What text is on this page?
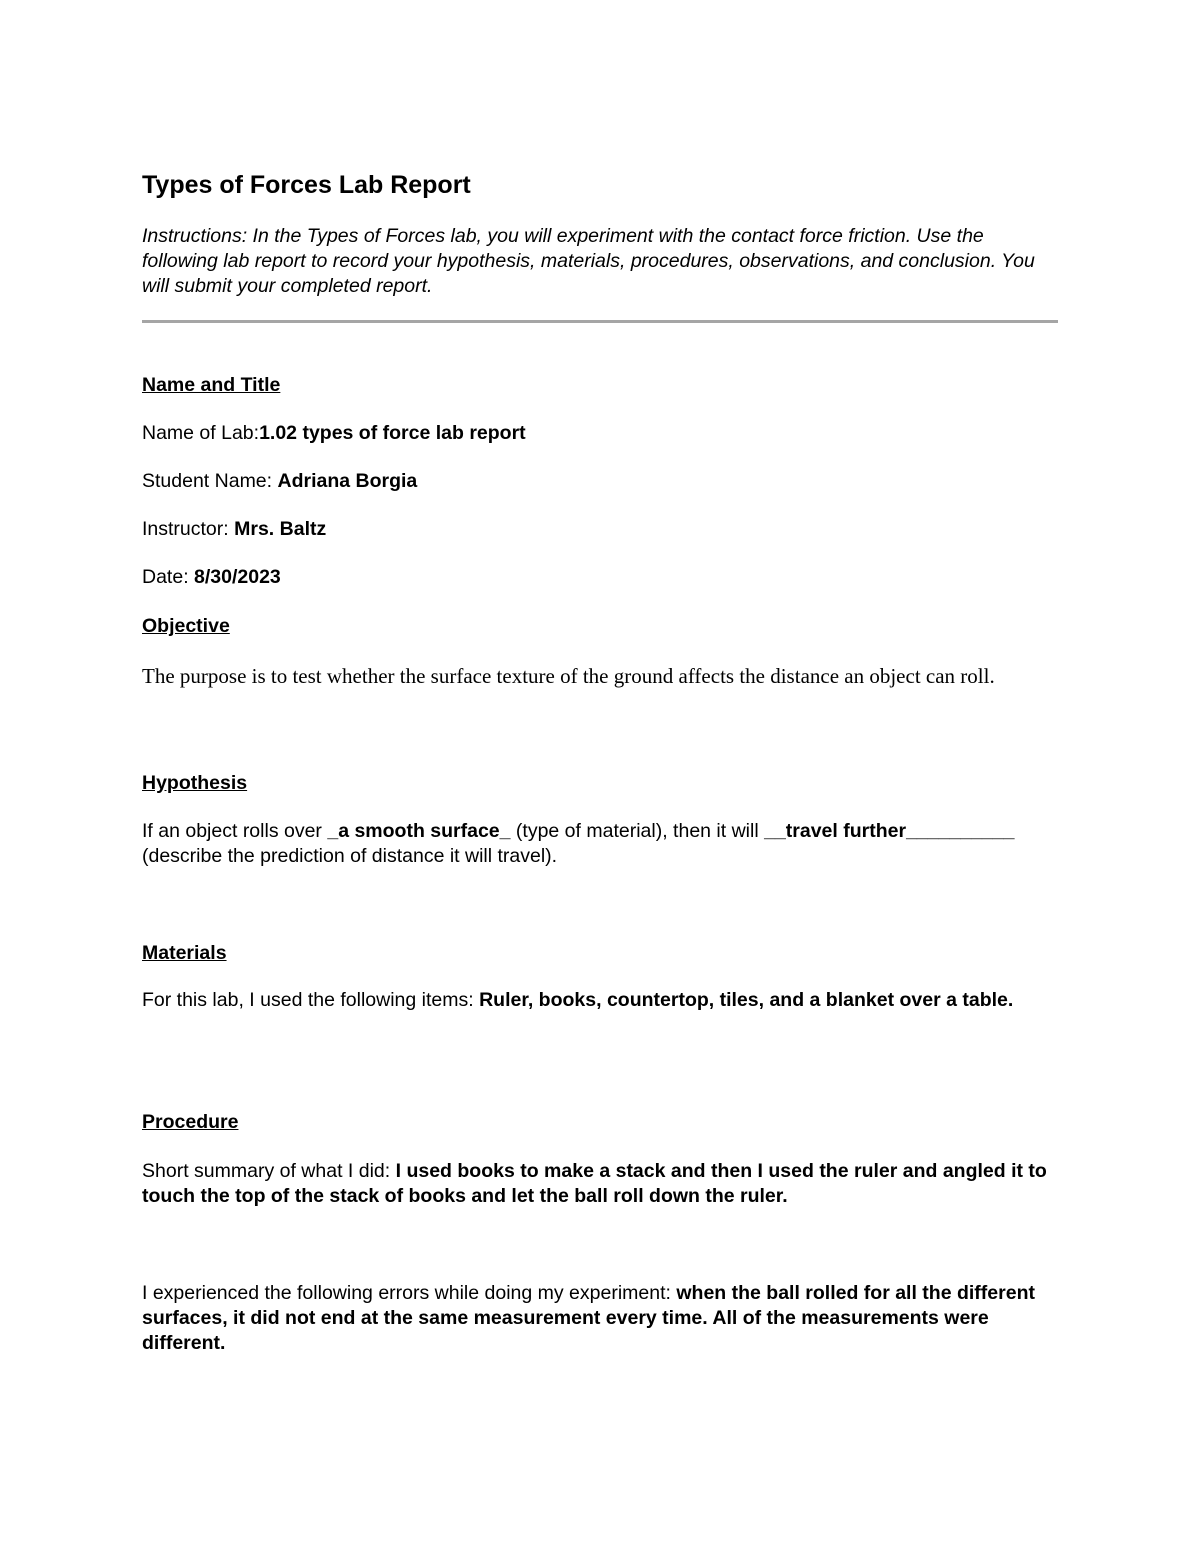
Types of Forces Lab Report
Instructions: In the Types of Forces lab, you will experiment with the contact force friction. Use the following lab report to record your hypothesis, materials, procedures, observations, and conclusion. You will submit your completed report.
Name and Title
Name of Lab:1.02 types of force lab report
Student Name: Adriana Borgia
Instructor: Mrs. Baltz
Date: 8/30/2023
Objective
The purpose is to test whether the surface texture of the ground affects the distance an object can roll.
Hypothesis
If an object rolls over _a smooth surface_ (type of material), then it will __travel further__________ (describe the prediction of distance it will travel).
Materials
For this lab, I used the following items: Ruler, books, countertop, tiles, and a blanket over a table.
Procedure
Short summary of what I did: I used books to make a stack and then I used the ruler and angled it to touch the top of the stack of books and let the ball roll down the ruler.
I experienced the following errors while doing my experiment: when the ball rolled for all the different surfaces, it did not end at the same measurement every time. All of the measurements were different.
